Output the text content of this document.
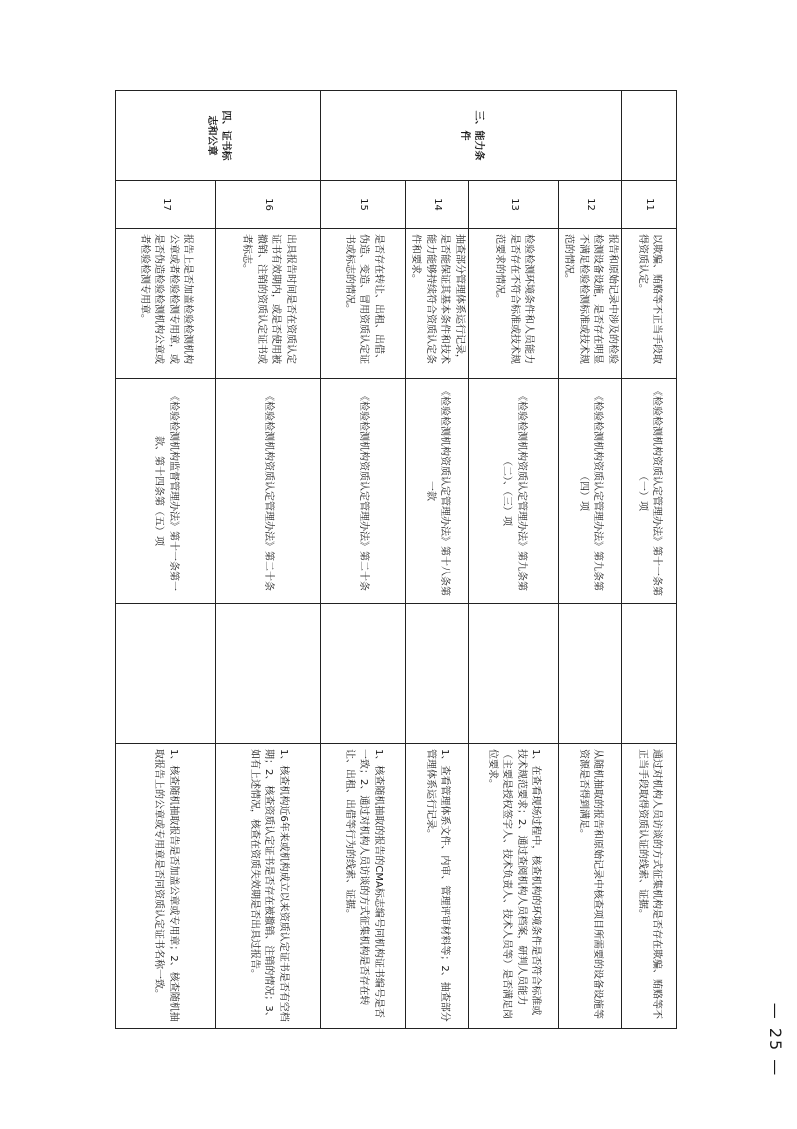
— 25 —
	11	以欺骗、贿赂等不正当手段取得资质认定。	《检验检测机构资质认定管理办法》第十一条第（一）项		通过对机构人员访谈的方式征集机构是否存在欺骗、贿赂等不正当手段取得资质认证的线索、证据。
三、能力条件	12	报告和原始记录中涉及的检验检测设备设施，是否存在明显不满足检验检测标准或技术规范的情况。	《检验检测机构资质认定管理办法》第九条第（四）项		从随机抽取的报告和原始记录中核查项目所需要的设备设施等资源是否得到满足。
	13	检验检测环境条件和人员能力是否存在不符合标准或技术规范要求的情况。	《检验检测机构资质认定管理办法》第九条第（二）、（三）项		1、在查看现场过程中，核查机构的环境条件是否符合标准或技术规范要求；2、通过查阅机构人员档案，研判人员能力（主要是授权签字人、技术负责人、技术人员等）是否满足岗位要求。
	14	抽查部分管理体系运行记录，是否能保证其基本条件和技术能力能够持续符合资质认定条件和要求。	《检验检测机构资质认定管理办法》第十八条第一款		1、查看管理体系文件、内审、管理评审材料等；2、抽查部分管理体系运行记录。
	15	是否存在转让、出租、出借、伪造、变造、冒用资质认定证书或标志的情况。	《检验检测机构资质认定管理办法》第二十条		1、核查随机抽取的报告的CMA标志编号同机构证书编号是否一致；2、通过对机构人员访谈的方式征集机构是否存在转让、出租、出借等行为的线索、证据。
四、证书标志和公章	16	出具报告时间是否在资质认定证书有效期内，或是否使用被撤销、注销的资质认定证书或者标志。	《检验检测机构资质认定管理办法》第二十条		1、核查机构近6年来或机构成立以来资质认定证书是否有空档期；2、核查资质认定证书是否存在被撤销、注销的情况；3、如有上述情况，核查在资质失效期是否出具过报告。
	17	报告上是否加盖检验检测机构公章或者检验检测专用章，或是否伪造检验检测机构公章或者检验检测专用章。	《检验检测机构监督管理办法》第十一条第一款、第十四条第（五）项		1、核查随机抽取报告是否加盖公章或专用章；2、核查随机抽取报告上的公章或专用章是否同资质认定证书名称一致。
